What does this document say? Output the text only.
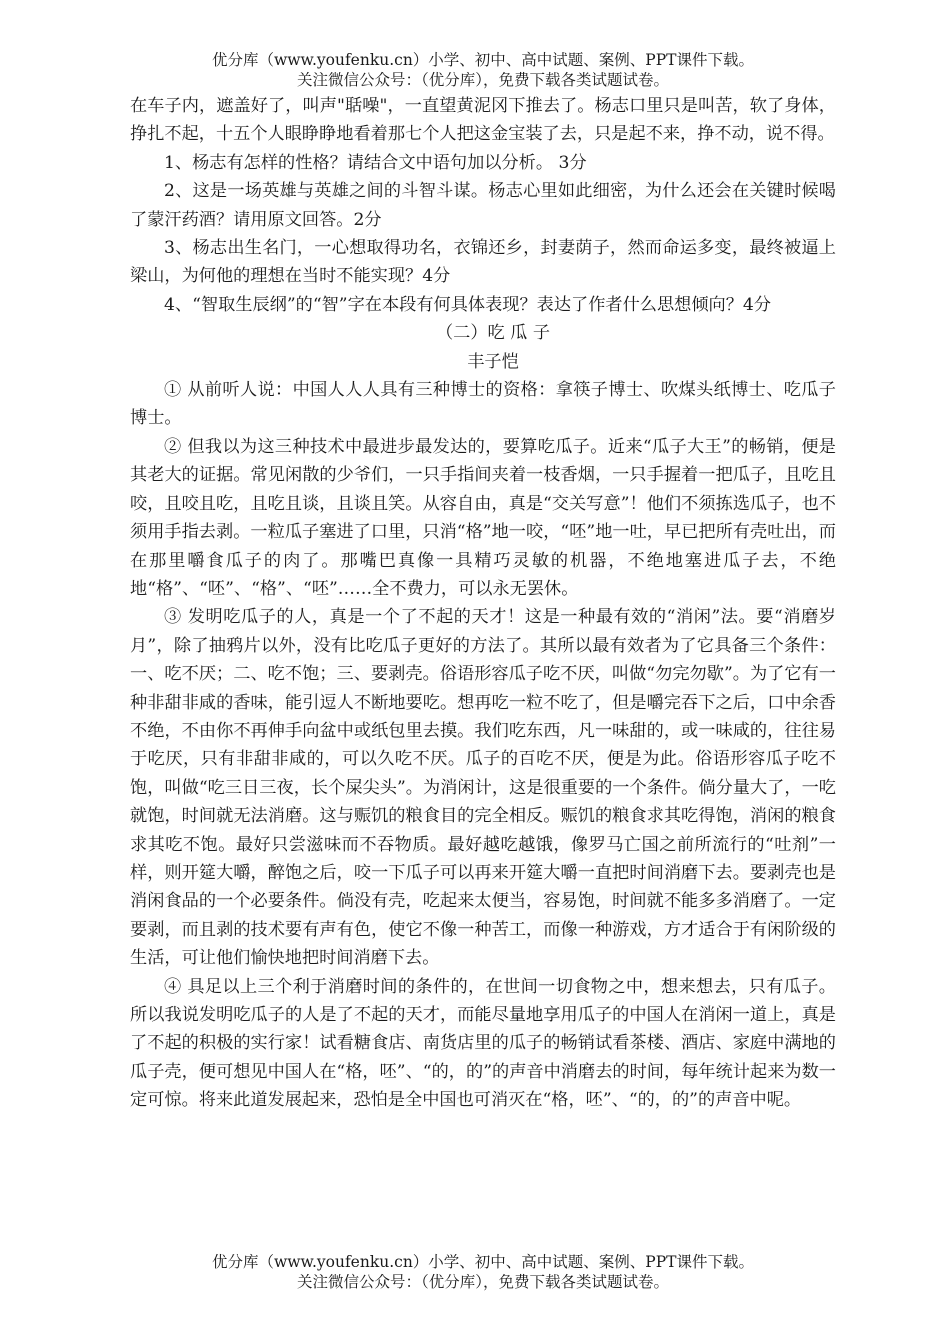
优分库（www.youfenku.cn）小学、初中、高中试题、案例、PPT课件下载。
关注微信公众号：（优分库），免费下载各类试题试卷。

在车子内，遮盖好了，叫声"聒噪"，一直望黄泥冈下推去了。杨志口里只是叫苦，软了身体，挣扎不起，十五个人眼睁睁地看着那七个人把这金宝装了去，只是起不来，挣不动，说不得。

1、杨志有怎样的性格？请结合文中语句加以分析。 3分

2、这是一场英雄与英雄之间的斗智斗谋。杨志心里如此细密，为什么还会在关键时候喝了蒙汗药酒？请用原文回答。2分

3、杨志出生名门，一心想取得功名，衣锦还乡，封妻荫子，然而命运多变，最终被逼上梁山，为何他的理想在当时不能实现？4分

4、“智取生辰纲”的“智”字在本段有何具体表现？表达了作者什么思想倾向？4分

（二）吃 瓜 子

丰子恺

① 从前听人说：中国人人人具有三种博士的资格：拿筷子博士、吹煤头纸博士、吃瓜子博士。

② 但我以为这三种技术中最进步最发达的，要算吃瓜子。近来“瓜子大王”的畅销，便是其老大的证据。常见闲散的少爷们，一只手指间夹着一枝香烟，一只手握着一把瓜子，且吃且咬，且咬且吃，且吃且谈，且谈且笑。从容自由，真是“交关写意”！他们不须拣选瓜子，也不须用手指去剥。一粒瓜子塞进了口里，只消“格”地一咬，“呸”地一吐，早已把所有壳吐出，而在那里嚼食瓜子的肉了。那嘴巴真像一具精巧灵敏的机器，不绝地塞进瓜子去，不绝地“格”、“呸”、“格”、“呸”……全不费力，可以永无罢休。

③ 发明吃瓜子的人，真是一个了不起的天才！这是一种最有效的“消闲”法。要“消磨岁月”，除了抽鸦片以外，没有比吃瓜子更好的方法了。其所以最有效者为了它具备三个条件：一、吃不厌；二、吃不饱；三、要剥壳。俗语形容瓜子吃不厌，叫做“勿完勿歇”。为了它有一种非甜非咸的香味，能引逗人不断地要吃。想再吃一粒不吃了，但是嚼完吞下之后，口中余香不绝，不由你不再伸手向盆中或纸包里去摸。我们吃东西，凡一味甜的，或一味咸的，往往易于吃厌，只有非甜非咸的，可以久吃不厌。瓜子的百吃不厌，便是为此。俗语形容瓜子吃不饱，叫做“吃三日三夜，长个屎尖头”。为消闲计，这是很重要的一个条件。倘分量大了，一吃就饱，时间就无法消磨。这与赈饥的粮食目的完全相反。赈饥的粮食求其吃得饱，消闲的粮食求其吃不饱。最好只尝滋味而不吞物质。最好越吃越饿，像罗马亡国之前所流行的“吐剂”一样，则开筵大嚼，醉饱之后，咬一下瓜子可以再来开筵大嚼一直把时间消磨下去。要剥壳也是消闲食品的一个必要条件。倘没有壳，吃起来太便当，容易饱，时间就不能多多消磨了。一定要剥，而且剥的技术要有声有色，使它不像一种苦工，而像一种游戏，方才适合于有闲阶级的生活，可让他们愉快地把时间消磨下去。

④ 具足以上三个利于消磨时间的条件的，在世间一切食物之中，想来想去，只有瓜子。所以我说发明吃瓜子的人是了不起的天才，而能尽量地享用瓜子的中国人在消闲一道上，真是了不起的积极的实行家！试看糖食店、南货店里的瓜子的畅销试看茶楼、酒店、家庭中满地的瓜子壳，便可想见中国人在“格，呸”、“的，的”的声音中消磨去的时间，每年统计起来为数一定可惊。将来此道发展起来，恐怕是全中国也可消灭在“格，呸”、“的，的”的声音中呢。

优分库（www.youfenku.cn）小学、初中、高中试题、案例、PPT课件下载。
关注微信公众号：（优分库），免费下载各类试题试卷。
